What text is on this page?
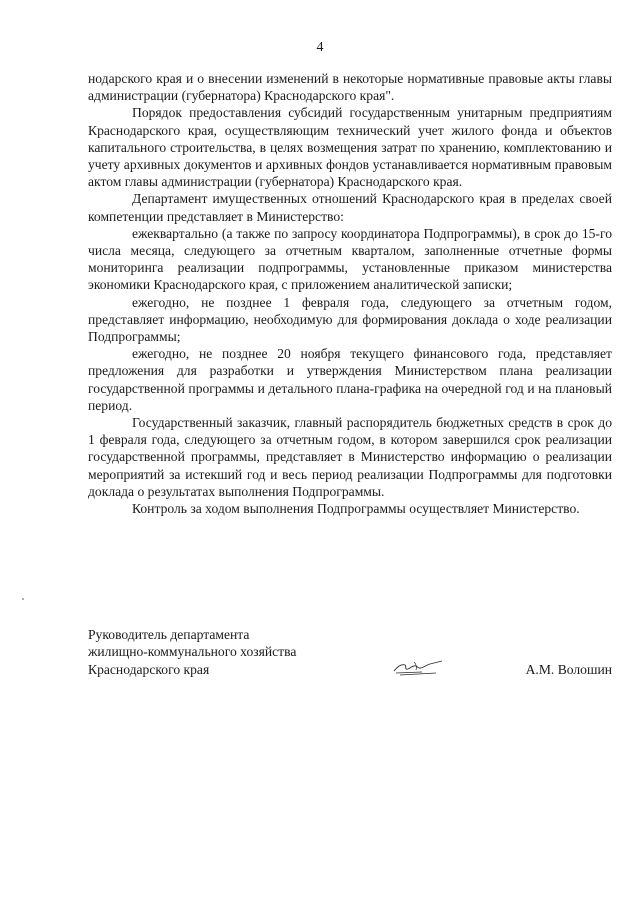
4

нодарского края и о внесении изменений в некоторые нормативные правовые акты главы администрации (губернатора) Краснодарского края".

Порядок предоставления субсидий государственным унитарным предприятиям Краснодарского края, осуществляющим технический учет жилого фонда и объектов капитального строительства, в целях возмещения затрат по хранению, комплектованию и учету архивных документов и архивных фондов устанавливается нормативным правовым актом главы администрации (губернатора) Краснодарского края.

Департамент имущественных отношений Краснодарского края в пределах своей компетенции представляет в Министерство:

ежеквартально (а также по запросу координатора Подпрограммы), в срок до 15-го числа месяца, следующего за отчетным кварталом, заполненные отчетные формы мониторинга реализации подпрограммы, установленные приказом министерства экономики Краснодарского края, с приложением аналитической записки;

ежегодно, не позднее 1 февраля года, следующего за отчетным годом, представляет информацию, необходимую для формирования доклада о ходе реализации Подпрограммы;

ежегодно, не позднее 20 ноября текущего финансового года, представляет предложения для разработки и утверждения Министерством плана реализации государственной программы и детального плана-графика на очередной год и на плановый период.

Государственный заказчик, главный распорядитель бюджетных средств в срок до 1 февраля года, следующего за отчетным годом, в котором завершился срок реализации государственной программы, представляет в Министерство информацию о реализации мероприятий за истекший год и весь период реализации Подпрограммы для подготовки доклада о результатах выполнения Подпрограммы.

Контроль за ходом выполнения Подпрограммы осуществляет Министерство.

Руководитель департамента
жилищно-коммунального хозяйства
Краснодарского края	А.М. Волошин
